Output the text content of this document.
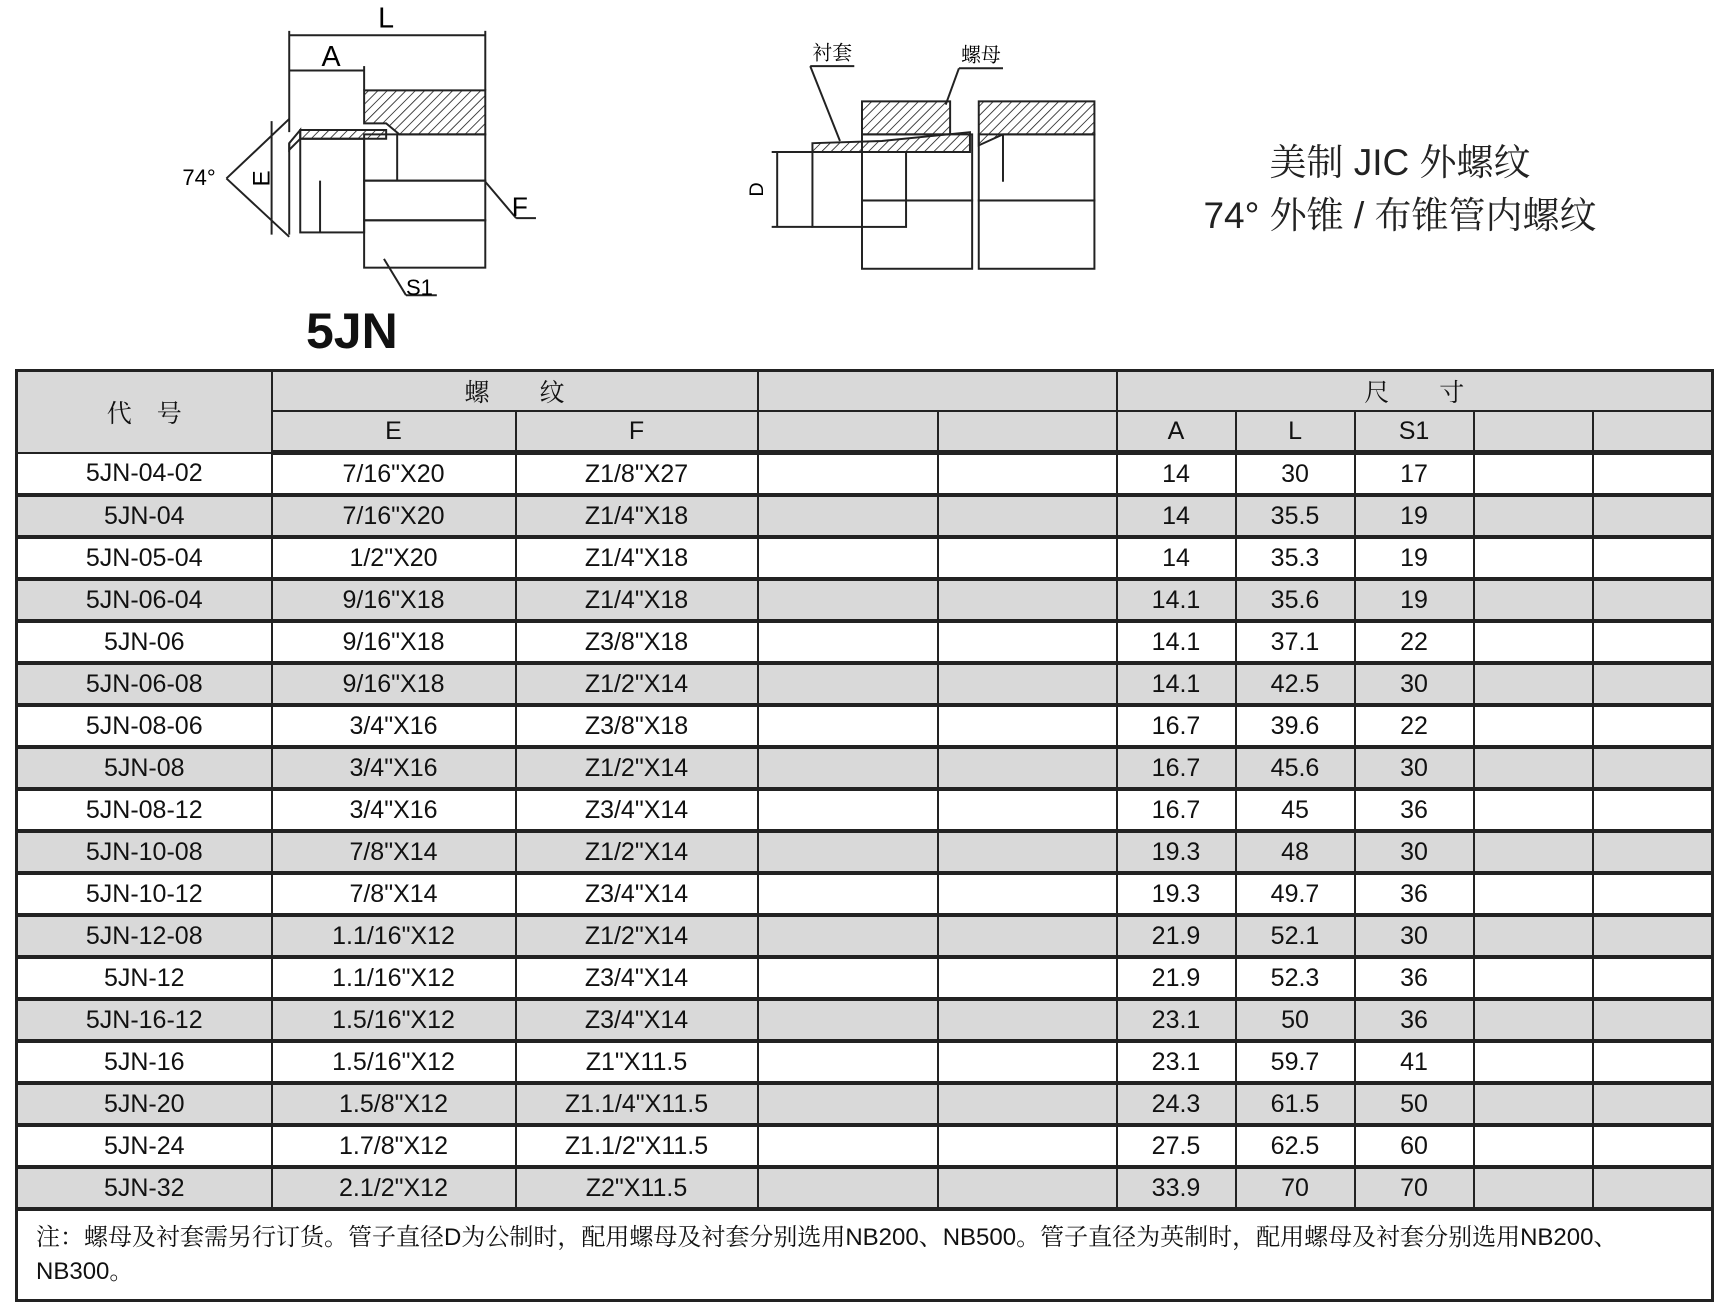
L
A
74° E
F
S1
衬套	螺母
D
5JN
美制 JIC 外螺纹
74° 外锥 / 布锥管内螺纹
代　号	螺　　纹				尺　　寸				
	E	F			A	L	S1		
5JN-04-02	7/16"X20	Z1/8"X27			14	30	17		
5JN-04	7/16"X20	Z1/4"X18			14	35.5	19		
5JN-05-04	1/2"X20	Z1/4"X18			14	35.3	19		
5JN-06-04	9/16"X18	Z1/4"X18			14.1	35.6	19		
5JN-06	9/16"X18	Z3/8"X18			14.1	37.1	22		
5JN-06-08	9/16"X18	Z1/2"X14			14.1	42.5	30		
5JN-08-06	3/4"X16	Z3/8"X18			16.7	39.6	22		
5JN-08	3/4"X16	Z1/2"X14			16.7	45.6	30		
5JN-08-12	3/4"X16	Z3/4"X14			16.7	45	36		
5JN-10-08	7/8"X14	Z1/2"X14			19.3	48	30		
5JN-10-12	7/8"X14	Z3/4"X14			19.3	49.7	36		
5JN-12-08	1.1/16"X12	Z1/2"X14			21.9	52.1	30		
5JN-12	1.1/16"X12	Z3/4"X14			21.9	52.3	36		
5JN-16-12	1.5/16"X12	Z3/4"X14			23.1	50	36		
5JN-16	1.5/16"X12	Z1"X11.5			23.1	59.7	41		
5JN-20	1.5/8"X12	Z1.1/4"X11.5			24.3	61.5	50		
5JN-24	1.7/8"X12	Z1.1/2"X11.5			27.5	62.5	60		
5JN-32	2.1/2"X12	Z2"X11.5			33.9	70	70		
注：螺母及衬套需另行订货。管子直径D为公制时，配用螺母及衬套分别选用NB200、NB500。管子直径为英制时，配用螺母及衬套分别选用NB200、NB300。									
